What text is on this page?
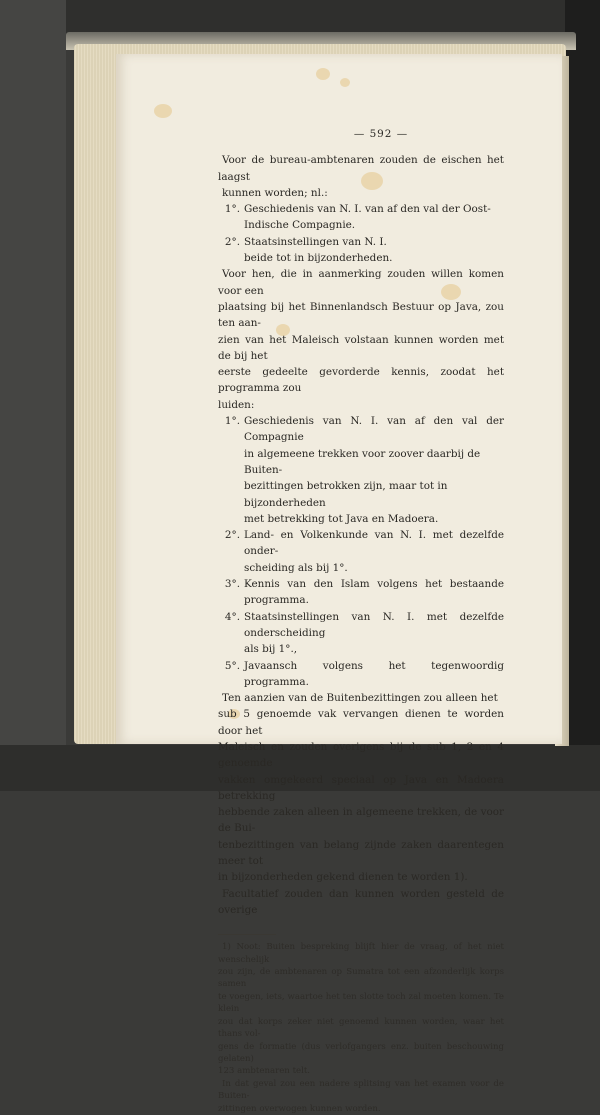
— 592 —
Voor de bureau-ambtenaren zouden de eischen het laagst
kunnen worden; nl.:
1°. Geschiedenis van N. I. van af den val der Oost-
Indische Compagnie.
2°. Staatsinstellingen van N. I.
beide tot in bijzonderheden.
Voor hen, die in aanmerking zouden willen komen voor een
plaatsing bij het Binnenlandsch Bestuur op Java, zou ten aan-
zien van het Maleisch volstaan kunnen worden met de bij het
eerste gedeelte gevorderde kennis, zoodat het programma zou
luiden:
1°. Geschiedenis van N. I. van af den val der Compagnie
in algemeene trekken voor zoover daarbij de Buiten-
bezittingen betrokken zijn, maar tot in bijzonderheden
met betrekking tot Java en Madoera.
2°. Land- en Volkenkunde van N. I. met dezelfde onder-
scheiding als bij 1°.
3°. Kennis van den Islam volgens het bestaande programma.
4°. Staatsinstellingen van N. I. met dezelfde onderscheiding
als bij 1°.,
5°. Javaansch volgens het tegenwoordig programma.
Ten aanzien van de Buitenbezittingen zou alleen het
sub 5 genoemde vak vervangen dienen te worden door het
Maleisch en zouden overigens bij de sub 1, 2 en 4 genoemde
vakken omgekeerd speciaal op Java en Madoera betrekking
hebbende zaken alleen in algemeene trekken, de voor de Bui-
tenbezittingen van belang zijnde zaken daarentegen meer tot
in bijzonderheden gekend dienen te worden 1).
Facultatief zouden dan kunnen worden gesteld de overige
1) Noot: Buiten bespreking blijft hier de vraag, of het niet wenschelijk
zou zijn, de ambtenaren op Sumatra tot een afzonderlijk korps samen
te voegen, iets, waartoe het ten slotte toch zal moeten komen. Te klein
zou dat korps zeker niet genoemd kunnen worden, waar het thans vol-
gens de formatie (dus verlofgangers enz. buiten beschouwing gelaten)
123 ambtenaren telt.
In dat geval zou een nadere splitsing van het examen voor de Buiten-
zittingen overwogen kunnen worden.
